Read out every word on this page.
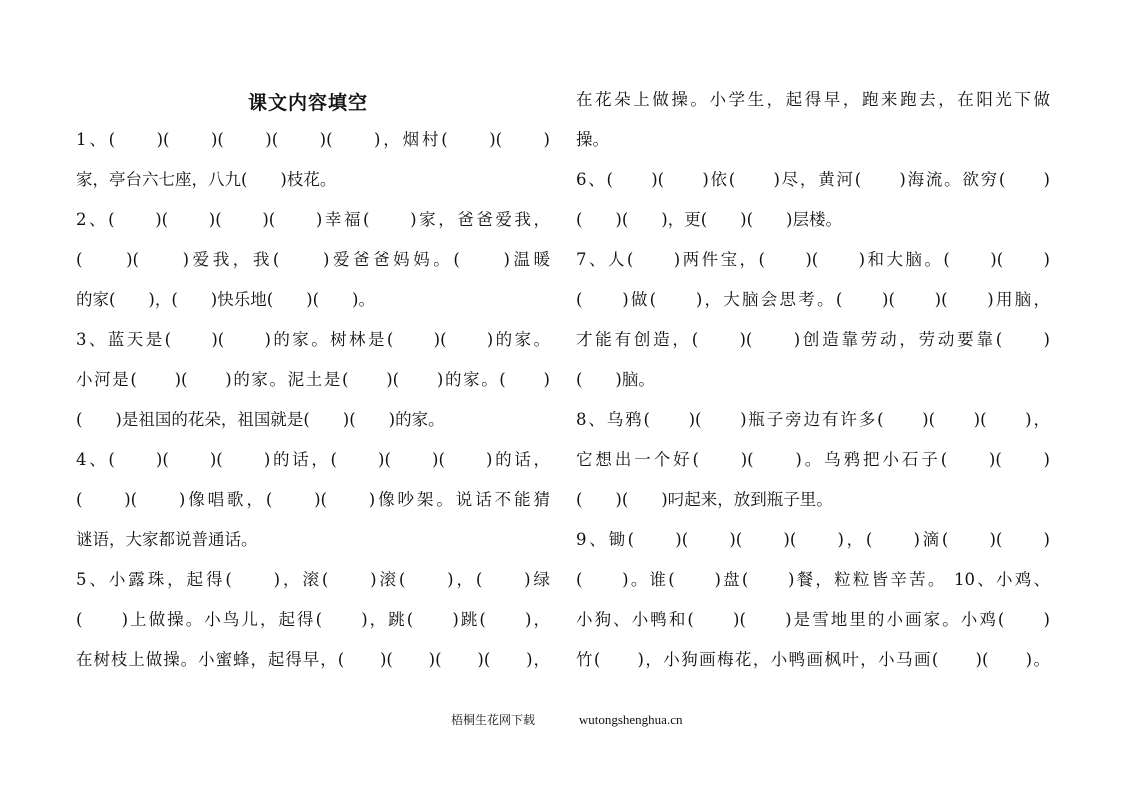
课文内容填空
1、(　　)(　　)(　　)(　　)(　　)，烟村(　　)(　　)
家，亭台六七座，八九(　　)枝花。
2、(　　)(　　)(　　)(　　)幸福(　　)家，爸爸爱我，
(　　)(　　)爱我，我(　　)爱爸爸妈妈。(　　)温暖
的家(　　)，(　　)快乐地(　　)(　　)。
3、蓝天是(　　)(　　)的家。树林是(　　)(　　)的家。
小河是(　　)(　　)的家。泥土是(　　)(　　)的家。(　　)
(　　)是祖国的花朵，祖国就是(　　)(　　)的家。
4、(　　)(　　)(　　)的话，(　　)(　　)(　　)的话，
(　　)(　　)像唱歌，(　　)(　　)像吵架。说话不能猜
谜语，大家都说普通话。
5、小露珠，起得(　　)，滚(　　)滚(　　)，(　　)绿
(　　)上做操。小鸟儿，起得(　　)，跳(　　)跳(　　)，
在树枝上做操。小蜜蜂，起得早，(　　)(　　)(　　)(　　)，
在花朵上做操。小学生，起得早，跑来跑去，在阳光下做
操。
6、(　　)(　　)依(　　)尽，黄河(　　)海流。欲穷(　　)
(　　)(　　)，更(　　)(　　)层楼。
7、人(　　)两件宝，(　　)(　　)和大脑。(　　)(　　)
(　　)做(　　)，大脑会思考。(　　)(　　)(　　)用脑，
才能有创造，(　　)(　　)创造靠劳动，劳动要靠(　　)
(　　)脑。
8、乌鸦(　　)(　　)瓶子旁边有许多(　　)(　　)(　　)，
它想出一个好(　　)(　　)。乌鸦把小石子(　　)(　　)
(　　)(　　)叼起来，放到瓶子里。
9、锄(　　)(　　)(　　)(　　)，(　　)滴(　　)(　　)
(　　)。谁(　　)盘(　　)餐，粒粒皆辛苦。 10、小鸡、
小狗、小鸭和(　　)(　　)是雪地里的小画家。小鸡(　　)
竹(　　)，小狗画梅花，小鸭画枫叶，小马画(　　)(　　)。
梧桐生花网下载	wutongshenghua.cn
